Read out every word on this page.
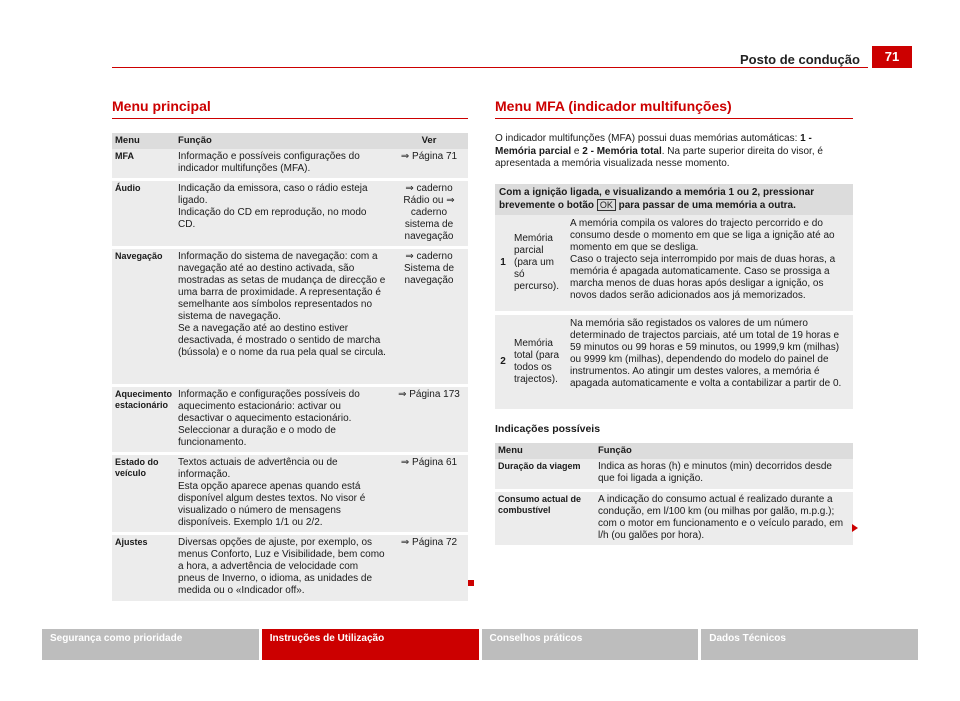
Posto de condução	71
Menu principal
Menu	Função	Ver
MFA	Informação e possíveis configurações do indicador multifunções (MFA).	⇒ Página 71
Áudio	Indicação da emissora, caso o rádio esteja ligado.
Indicação do CD em reprodução, no modo CD.	⇒ caderno Rádio ou ⇒ caderno sistema de navegação
Navegação	Informação do sistema de navegação: com a navegação até ao destino activada, são mostradas as setas de mudança de direcção e uma barra de proximidade. A representação é semelhante aos símbolos representados no sistema de navegação.
Se a navegação até ao destino estiver desactivada, é mostrado o sentido de marcha (bússola) e o nome da rua pela qual se circula.	⇒ caderno Sistema de navegação
Aquecimento estacionário	Informação e configurações possíveis do aquecimento estacionário: activar ou desactivar o aquecimento estacionário. Seleccionar a duração e o modo de funcionamento.	⇒ Página 173
Estado do veículo	Textos actuais de advertência ou de informação.
Esta opção aparece apenas quando está disponível algum destes textos. No visor é visualizado o número de mensagens disponíveis. Exemplo 1/1 ou 2/2.	⇒ Página 61
Ajustes	Diversas opções de ajuste, por exemplo, os menus Conforto, Luz e Visibilidade, bem como a hora, a advertência de velocidade com pneus de Inverno, o idioma, as unidades de medida ou o «Indicador off».	⇒ Página 72
Menu MFA (indicador multifunções)

O indicador multifunções (MFA) possui duas memórias automáticas: 1 - Memória parcial e 2 - Memória total. Na parte superior direita do visor, é apresentada a memória visualizada nesse momento.

Com a ignição ligada, e visualizando a memória 1 ou 2, pressionar brevemente o botão OK para passar de uma memória a outra.		
1	Memória parcial (para um só percurso).	A memória compila os valores do trajecto percorrido e do consumo desde o momento em que se liga a ignição até ao momento em que se desliga.
Caso o trajecto seja interrompido por mais de duas horas, a memória é apagada automaticamente. Caso se prossiga a marcha menos de duas horas após desligar a ignição, os novos dados serão adicionados aos já memorizados.
2	Memória total (para todos os trajectos).	Na memória são registados os valores de um número determinado de trajectos parciais, até um total de 19 horas e 59 minutos ou 99 horas e 59 minutos, ou 1999,9 km (milhas) ou 9999 km (milhas), dependendo do modelo do painel de instrumentos. Ao atingir um destes valores, a memória é apagada automaticamente e volta a contabilizar a partir de 0.
Indicações possíveis
Menu	Função
Duração da viagem	Indica as horas (h) e minutos (min) decorridos desde que foi ligada a ignição.
Consumo actual de combustível	A indicação do consumo actual é realizado durante a condução, em l/100 km (ou milhas por galão, m.p.g.); com o motor em funcionamento e o veículo parado, em l/h (ou galões por hora).
Segurança como prioridade	Instruções de Utilização	Conselhos práticos	Dados Técnicos
